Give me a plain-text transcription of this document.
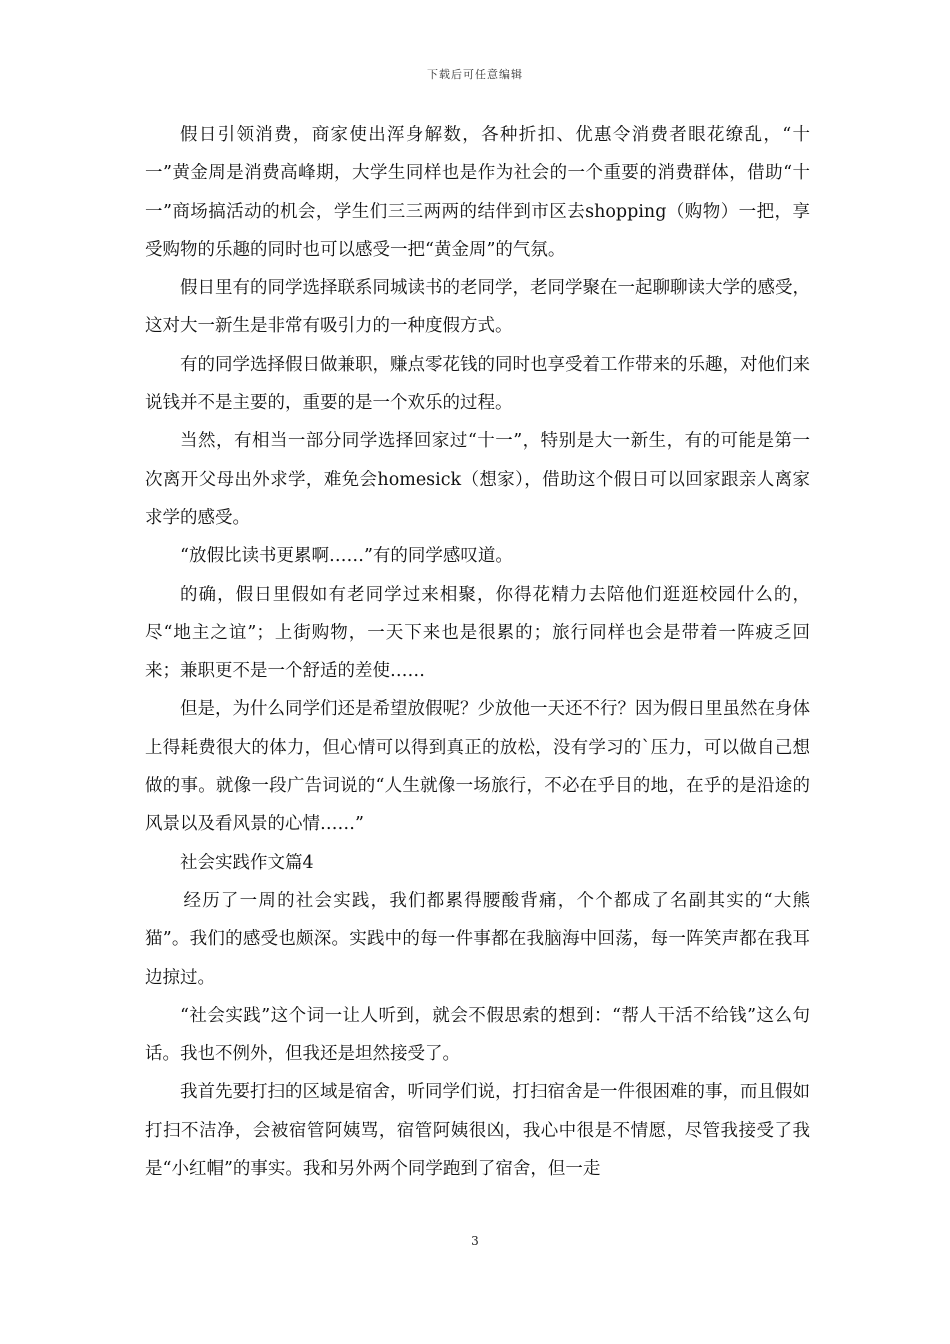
下载后可任意编辑

假日引领消费，商家使出浑身解数，各种折扣、优惠令消费者眼花缭乱，“十一”黄金周是消费高峰期，大学生同样也是作为社会的一个重要的消费群体，借助“十一”商场搞活动的机会，学生们三三两两的结伴到市区去shopping（购物）一把，享受购物的乐趣的同时也可以感受一把“黄金周”的气氛。

假日里有的同学选择联系同城读书的老同学，老同学聚在一起聊聊读大学的感受，这对大一新生是非常有吸引力的一种度假方式。

有的同学选择假日做兼职，赚点零花钱的同时也享受着工作带来的乐趣，对他们来说钱并不是主要的，重要的是一个欢乐的过程。

当然，有相当一部分同学选择回家过“十一”，特别是大一新生，有的可能是第一次离开父母出外求学，难免会homesick（想家），借助这个假日可以回家跟亲人离家求学的感受。

“放假比读书更累啊……”有的同学感叹道。

的确，假日里假如有老同学过来相聚，你得花精力去陪他们逛逛校园什么的，尽“地主之谊”；上街购物，一天下来也是很累的；旅行同样也会是带着一阵疲乏回来；兼职更不是一个舒适的差使……

但是，为什么同学们还是希望放假呢？少放他一天还不行？因为假日里虽然在身体上得耗费很大的体力，但心情可以得到真正的放松，没有学习的`压力，可以做自己想做的事。就像一段广告词说的“人生就像一场旅行，不必在乎目的地，在乎的是沿途的风景以及看风景的心情……”

社会实践作文篇4

经历了一周的社会实践，我们都累得腰酸背痛，个个都成了名副其实的“大熊猫”。我们的感受也颇深。实践中的每一件事都在我脑海中回荡，每一阵笑声都在我耳边掠过。

“社会实践”这个词一让人听到，就会不假思索的想到：“帮人干活不给钱”这么句话。我也不例外，但我还是坦然接受了。

我首先要打扫的区域是宿舍，听同学们说，打扫宿舍是一件很困难的事，而且假如打扫不洁净，会被宿管阿姨骂，宿管阿姨很凶，我心中很是不情愿，尽管我接受了我是“小红帽”的事实。我和另外两个同学跑到了宿舍，但一走

3
